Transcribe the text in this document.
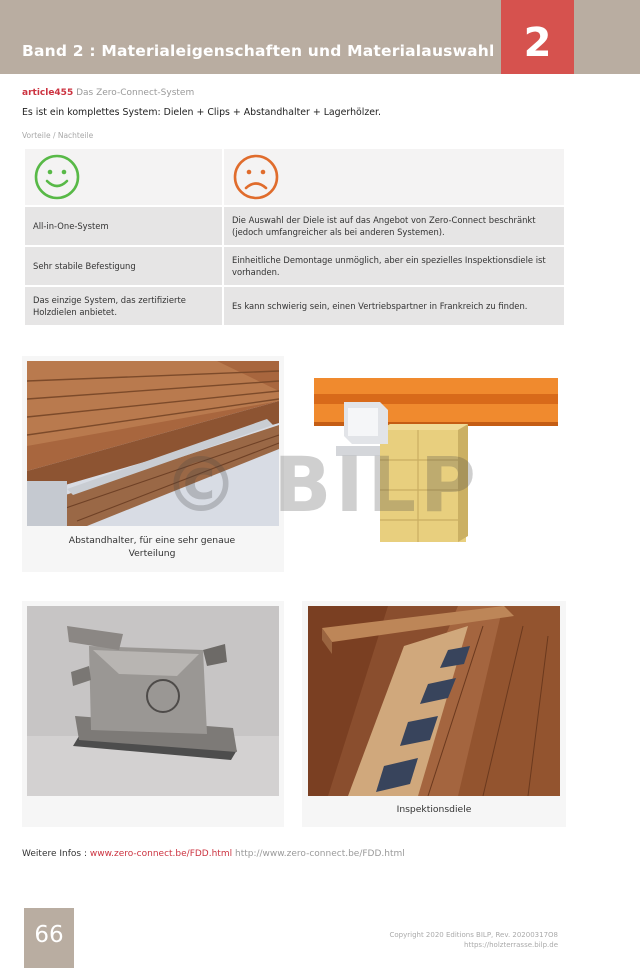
Band 2 : Materialeigenschaften und Materialauswahl 2
article455 Das Zero-Connect-System
Es ist ein komplettes System: Dielen + Clips + Abstandhalter + Lagerhölzer.
Vorteile / Nachteile

All-in-One-System	Die Auswahl der Diele ist auf das Angebot von Zero-Connect beschränkt (jedoch umfangreicher als bei anderen Systemen).
Sehr stabile Befestigung	Einheitliche Demontage unmöglich, aber ein spezielles Inspektionsdiele ist vorhanden.
Das einzige System, das zertifizierte Holzdielen anbietet.	Es kann schwierig sein, einen Vertriebspartner in Frankreich zu finden.
Abstandhalter, für eine sehr genaue Verteilung
© BILP
Inspektionsdiele
Weitere Infos : www.zero-connect.be/FDD.html http://www.zero-connect.be/FDD.html
66	Copyright 2020 Editions BILP, Rev. 20200317O8
https://holzterrasse.bilp.de
